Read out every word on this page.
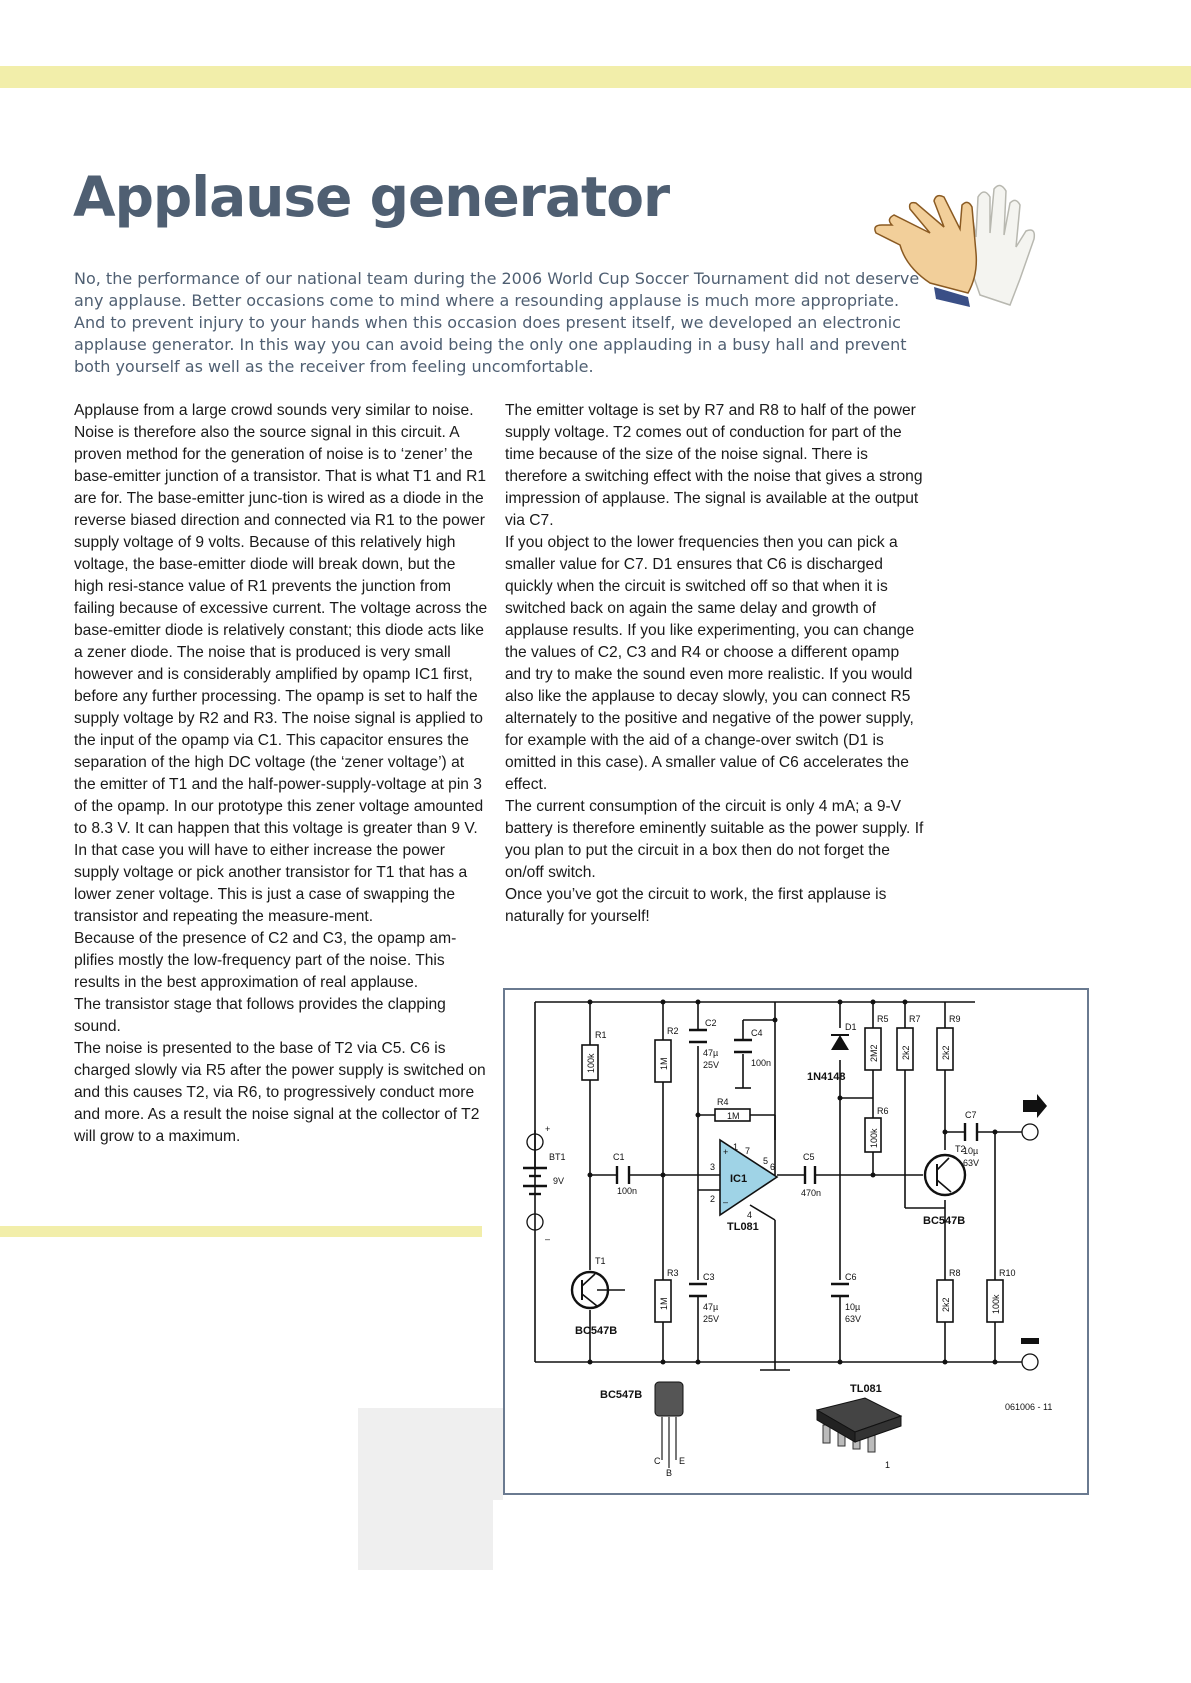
Applause generator

No, the performance of our national team during the 2006 World Cup Soccer Tournament did not deserve any applause. Better occasions come to mind where a resounding applause is much more appropriate. And to prevent injury to your hands when this occasion does present itself, we developed an electronic applause generator. In this way you can avoid being the only one applauding in a busy hall and prevent both yourself as well as the receiver from feeling uncomfortable.

Applause from a large crowd sounds very similar to noise. Noise is therefore also the source signal in this circuit. A proven method for the generation of noise is to ‘zener’ the base-emitter junction of a transistor. That is what T1 and R1 are for. The base-emitter junc-tion is wired as a diode in the reverse biased direction and connected via R1 to the power supply voltage of 9 volts. Because of this relatively high voltage, the base-emitter diode will break down, but the high resi-stance value of R1 prevents the junction from failing because of excessive current. The voltage across the base-emitter diode is relatively constant; this diode acts like a zener diode. The noise that is produced is very small however and is considerably amplified by opamp IC1 first, before any further processing. The opamp is set to half the supply voltage by R2 and R3. The noise signal is applied to the input of the opamp via C1. This capacitor ensures the separation of the high DC voltage (the ‘zener voltage’) at the emitter of T1 and the half-power-supply-voltage at pin 3 of the opamp. In our prototype this zener voltage amounted to 8.3 V. It can happen that this voltage is greater than 9 V. In that case you will have to either increase the power supply voltage or pick another transistor for T1 that has a lower zener voltage. This is just a case of swapping the transistor and repeating the measure-ment.
Because of the presence of C2 and C3, the opamp am-plifies mostly the low-frequency part of the noise. This results in the best approximation of real applause.
The transistor stage that follows provides the clapping sound.
The noise is presented to the base of T2 via C5. C6 is charged slowly via R5 after the power supply is switched on and this causes T2, via R6, to progressively conduct more and more. As a result the noise signal at the collector of T2 will grow to a maximum.

The emitter voltage is set by R7 and R8 to half of the power supply voltage. T2 comes out of conduction for part of the time because of the size of the noise signal. There is therefore a switching effect with the noise that gives a strong impression of applause. The signal is available at the output via C7.
If you object to the lower frequencies then you can pick a smaller value for C7. D1 ensures that C6 is discharged quickly when the circuit is switched off so that when it is switched back on again the same delay and growth of applause results. If you like experimenting, you can change the values of C2, C3 and R4 or choose a different opamp and try to make the sound even more realistic. If you would also like the applause to decay slowly, you can connect R5 alternately to the positive and negative of the power supply, for example with the aid of a change-over switch (D1 is omitted in this case). A smaller value of C6 accelerates the effect.
The current consumption of the circuit is only 4 mA; a 9-V battery is therefore eminently suitable as the power supply. If you plan to put the circuit in a box then do not forget the on/off switch.
Once you’ve got the circuit to work, the first applause is naturally for yourself!

R1
100k
R2
1M
R3
1M
R4
1M
R5
2M2
R6
100k
R7
2k2
R9
2k2
R8
2k2
R10
100k
C1
100n
C2
47µ
25V
C4
100n
C3
47µ
25V
C5
470n
C6
10µ
63V
C7
10µ
63V
D1
1N4148
IC1
TL081
+
–
1 7
5
6
3
2
4
T1
BC547B
T2
BC547B
BT1
9V
+
–
BC547B
C
B
E
TL081
1
061006 - 11
